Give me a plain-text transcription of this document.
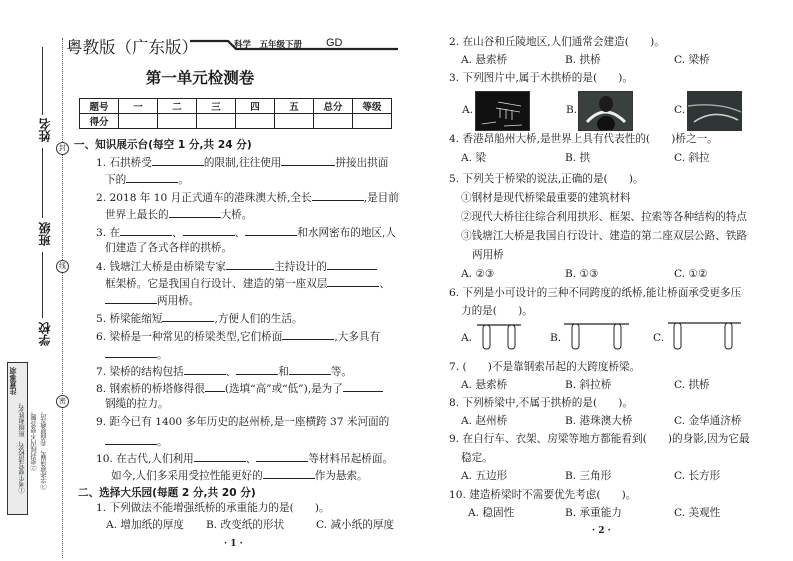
封
线
密
姓名
班级
学校
注意事项
①考生要写清校名、班级和姓名。 ②密封线内不要答题。 ③字迹要清楚、卷面要整洁。
粤教版（广东版）	科学　五年级下册 GD
第一单元检测卷
题号	一	二	三	四	五	总分	等级
得分							
一、知识展示台(每空 1 分,共 24 分)
1. 石拱桥受	的限制,往往使用	拼接出拱面
下的	。
2. 2018 年 10 月正式通车的港珠澳大桥,全长	,是目前
世界上最长的	大桥。
3. 在	、	、	和水网密布的地区,人
们建造了各式各样的拱桥。
4. 钱塘江大桥是由桥梁专家	主持设计的
框架桥。它是我国自行设计、建造的第一座双层	、
两用桥。
5. 桥梁能缩短	,方便人们的生活。
6. 梁桥是一种常见的桥梁类型,它们桥面	,大多具有
。
7. 梁桥的结构包括	、	和	等。
8. 钢索桥的桥塔修得很 (选填“高”或“低”),是为了
钢缆的拉力。
9. 距今已有 1400 多年历史的赵州桥,是一座横跨 37 米河面的
。
10. 在古代,人们利用	、	等材料吊起桥面。
如今,人们多采用受拉性能更好的	作为悬索。
二、选择大乐园(每题 2 分,共 20 分)
1. 下列做法不能增强纸桥的承重能力的是(　　)。
A. 增加纸的厚度 B. 改变纸的形状	C. 减小纸的厚度
· 1 ·
2. 在山谷和丘陵地区,人们通常会建造(　　)。
A. 悬索桥	B. 拱桥	C. 梁桥
3. 下列图片中,属于木拱桥的是(　　)。
A.	B.	C.
4. 香港昂船州大桥,是世界上具有代表性的(　　)桥之一。
A. 梁	B. 拱	C. 斜拉
5. 下列关于桥梁的说法,正确的是(　　)。
①钢材是现代桥梁最重要的建筑材料
②现代大桥往往综合利用拱形、框架、拉索等各种结构的特点
③钱塘江大桥是我国自行设计、建造的第二座双层公路、铁路
两用桥
A. ②③	B. ①③	C. ①②
6. 下列是小可设计的三种不同跨度的纸桥,能让桥面承受更多压
力的是(　　)。
A.	B.	C.
7. (　　)不是靠钢索吊起的大跨度桥梁。
A. 悬索桥	B. 斜拉桥	C. 拱桥
8. 下列桥梁中,不属于拱桥的是(　　)。
A. 赵州桥	B. 港珠澳大桥	C. 金华通济桥
9. 在自行车、衣架、房梁等地方都能看到(　　)的身影,因为它最
稳定。
A. 五边形	B. 三角形	C. 长方形
10. 建造桥梁时不需要优先考虑(　　)。
A. 稳固性	B. 承重能力	C. 美观性
· 2 ·
